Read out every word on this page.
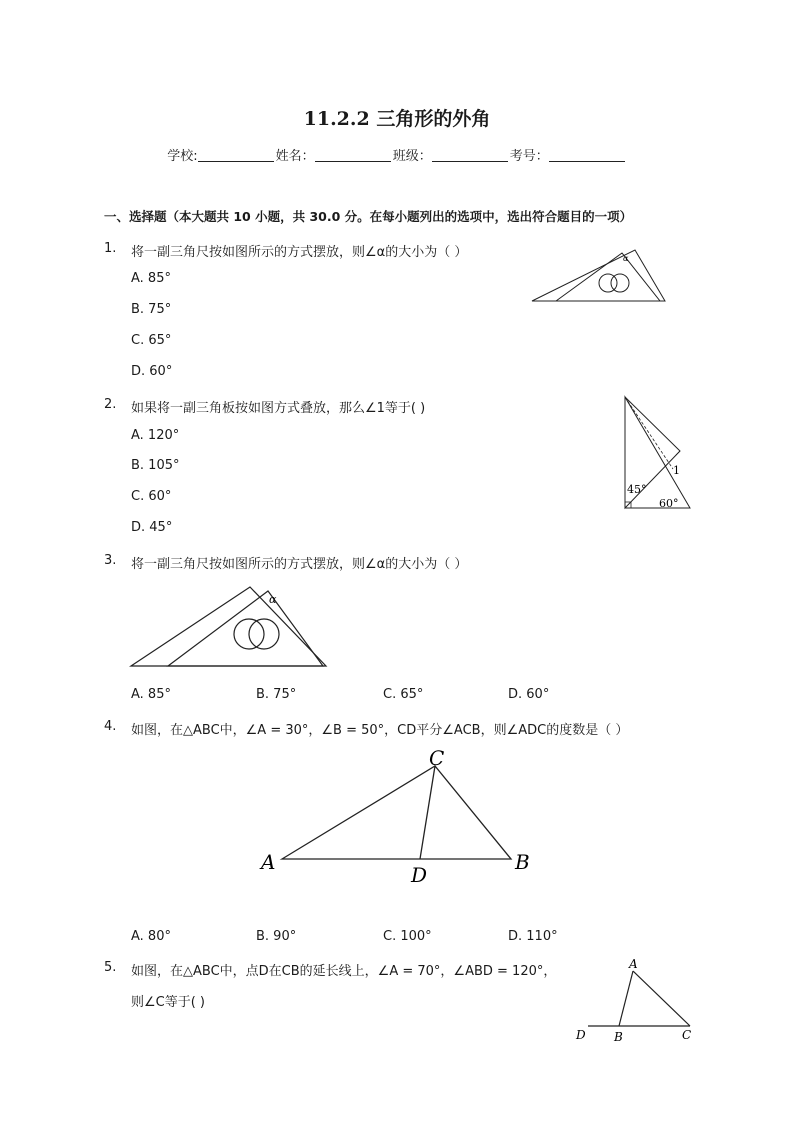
11.2.2 三角形的外角
学校:	姓名：	班级：	考号：
一、选择题（本大题共 10 小题，共 30.0 分。在每小题列出的选项中，选出符合题目的一项）
1. 将一副三角尺按如图所示的方式摆放，则∠α的大小为（ ）
A. 85°
B. 75°
C. 65°
D. 60°
α
2. 如果将一副三角板按如图方式叠放，那么∠1等于( )
A. 120°
B. 105°
C. 60°
D. 45°
45°
60°
1
3. 将一副三角尺按如图所示的方式摆放，则∠α的大小为（ ）
α
A. 85°	B. 75°	C. 65°	D. 60°
4. 如图，在△ABC中，∠A = 30°，∠B = 50°，CD平分∠ACB，则∠ADC的度数是（ ）
A
C
B
D
A. 80°	B. 90°	C. 100°	D. 110°
5. 如图，在△ABC中，点D在CB的延长线上，∠A = 70°，∠ABD = 120°，
则∠C等于( )
A
D B	C
